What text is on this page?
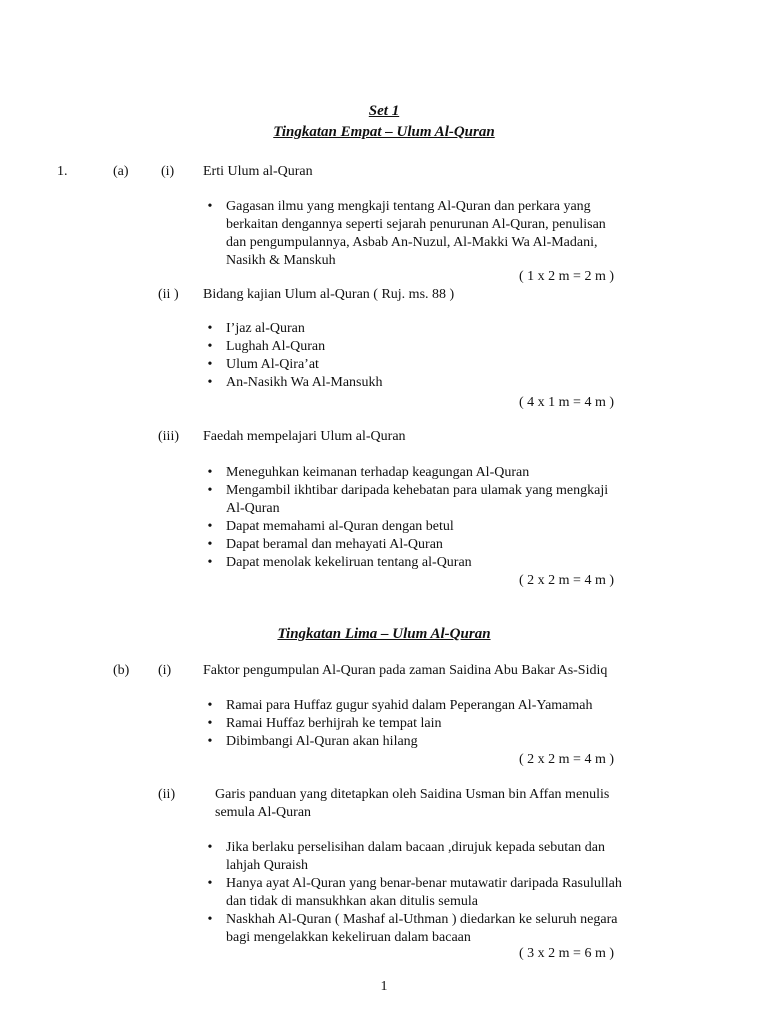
Set 1
Tingkatan Empat – Ulum Al-Quran
1.	(a) (i) Erti Ulum al-Quran
• Gagasan ilmu yang mengkaji tentang Al-Quran dan perkara yang
berkaitan dengannya seperti sejarah penurunan Al-Quran, penulisan
dan pengumpulannya, Asbab An-Nuzul, Al-Makki Wa Al-Madani,
Nasikh & Manskuh
( 1 x 2 m = 2 m )
(ii ) Bidang kajian Ulum al-Quran ( Ruj. ms. 88 )
• I’jaz al-Quran
• Lughah Al-Quran
• Ulum Al-Qira’at
• An-Nasikh Wa Al-Mansukh
( 4 x 1 m = 4 m )
(iii) Faedah mempelajari Ulum al-Quran
• Meneguhkan keimanan terhadap keagungan Al-Quran
• Mengambil ikhtibar daripada kehebatan para ulamak yang mengkaji
Al-Quran
• Dapat memahami al-Quran dengan betul
• Dapat beramal dan mehayati Al-Quran
• Dapat menolak kekeliruan tentang al-Quran
( 2 x 2 m = 4 m )
Tingkatan Lima – Ulum Al-Quran
(b) (i) Faktor pengumpulan Al-Quran pada zaman Saidina Abu Bakar As-Sidiq
• Ramai para Huffaz gugur syahid dalam Peperangan Al-Yamamah
• Ramai Huffaz berhijrah ke tempat lain
• Dibimbangi Al-Quran akan hilang
( 2 x 2 m = 4 m )
(ii)	Garis panduan yang ditetapkan oleh Saidina Usman bin Affan menulis
semula Al-Quran
• Jika berlaku perselisihan dalam bacaan ,dirujuk kepada sebutan dan
lahjah Quraish
• Hanya ayat Al-Quran yang benar-benar mutawatir daripada Rasulullah
dan tidak di mansukhkan akan ditulis semula
• Naskhah Al-Quran ( Mashaf al-Uthman ) diedarkan ke seluruh negara
bagi mengelakkan kekeliruan dalam bacaan
( 3 x 2 m = 6 m )
1
